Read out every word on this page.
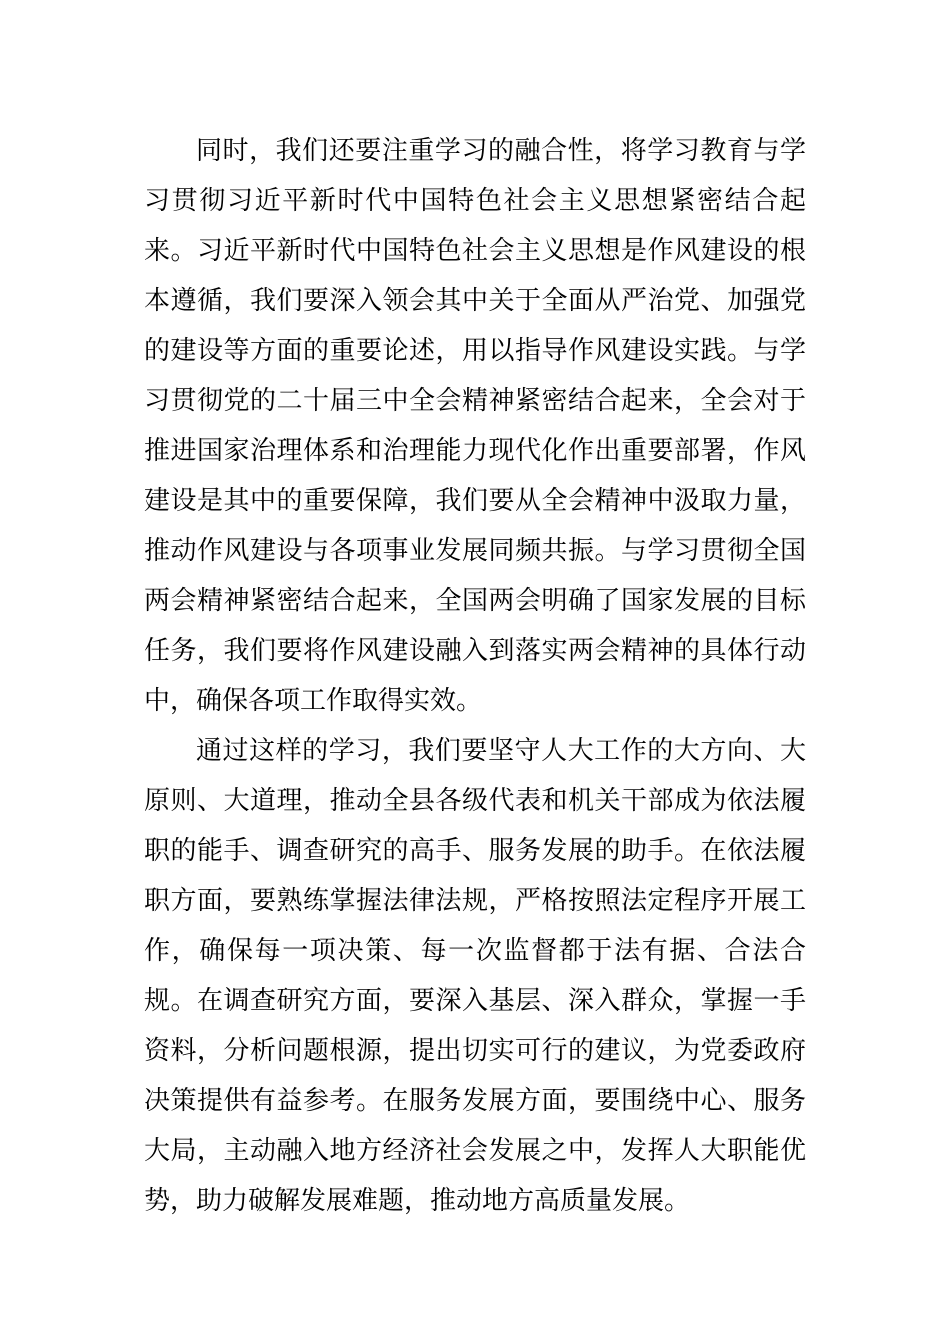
同时，我们还要注重学习的融合性，将学习教育与学习贯彻习近平新时代中国特色社会主义思想紧密结合起来。习近平新时代中国特色社会主义思想是作风建设的根本遵循，我们要深入领会其中关于全面从严治党、加强党的建设等方面的重要论述，用以指导作风建设实践。与学习贯彻党的二十届三中全会精神紧密结合起来，全会对于推进国家治理体系和治理能力现代化作出重要部署，作风建设是其中的重要保障，我们要从全会精神中汲取力量，推动作风建设与各项事业发展同频共振。与学习贯彻全国两会精神紧密结合起来，全国两会明确了国家发展的目标任务，我们要将作风建设融入到落实两会精神的具体行动中，确保各项工作取得实效。

通过这样的学习，我们要坚守人大工作的大方向、大原则、大道理，推动全县各级代表和机关干部成为依法履职的能手、调查研究的高手、服务发展的助手。在依法履职方面，要熟练掌握法律法规，严格按照法定程序开展工作，确保每一项决策、每一次监督都于法有据、合法合规。在调查研究方面，要深入基层、深入群众，掌握一手资料，分析问题根源，提出切实可行的建议，为党委政府决策提供有益参考。在服务发展方面，要围绕中心、服务大局，主动融入地方经济社会发展之中，发挥人大职能优势，助力破解发展难题，推动地方高质量发展。
